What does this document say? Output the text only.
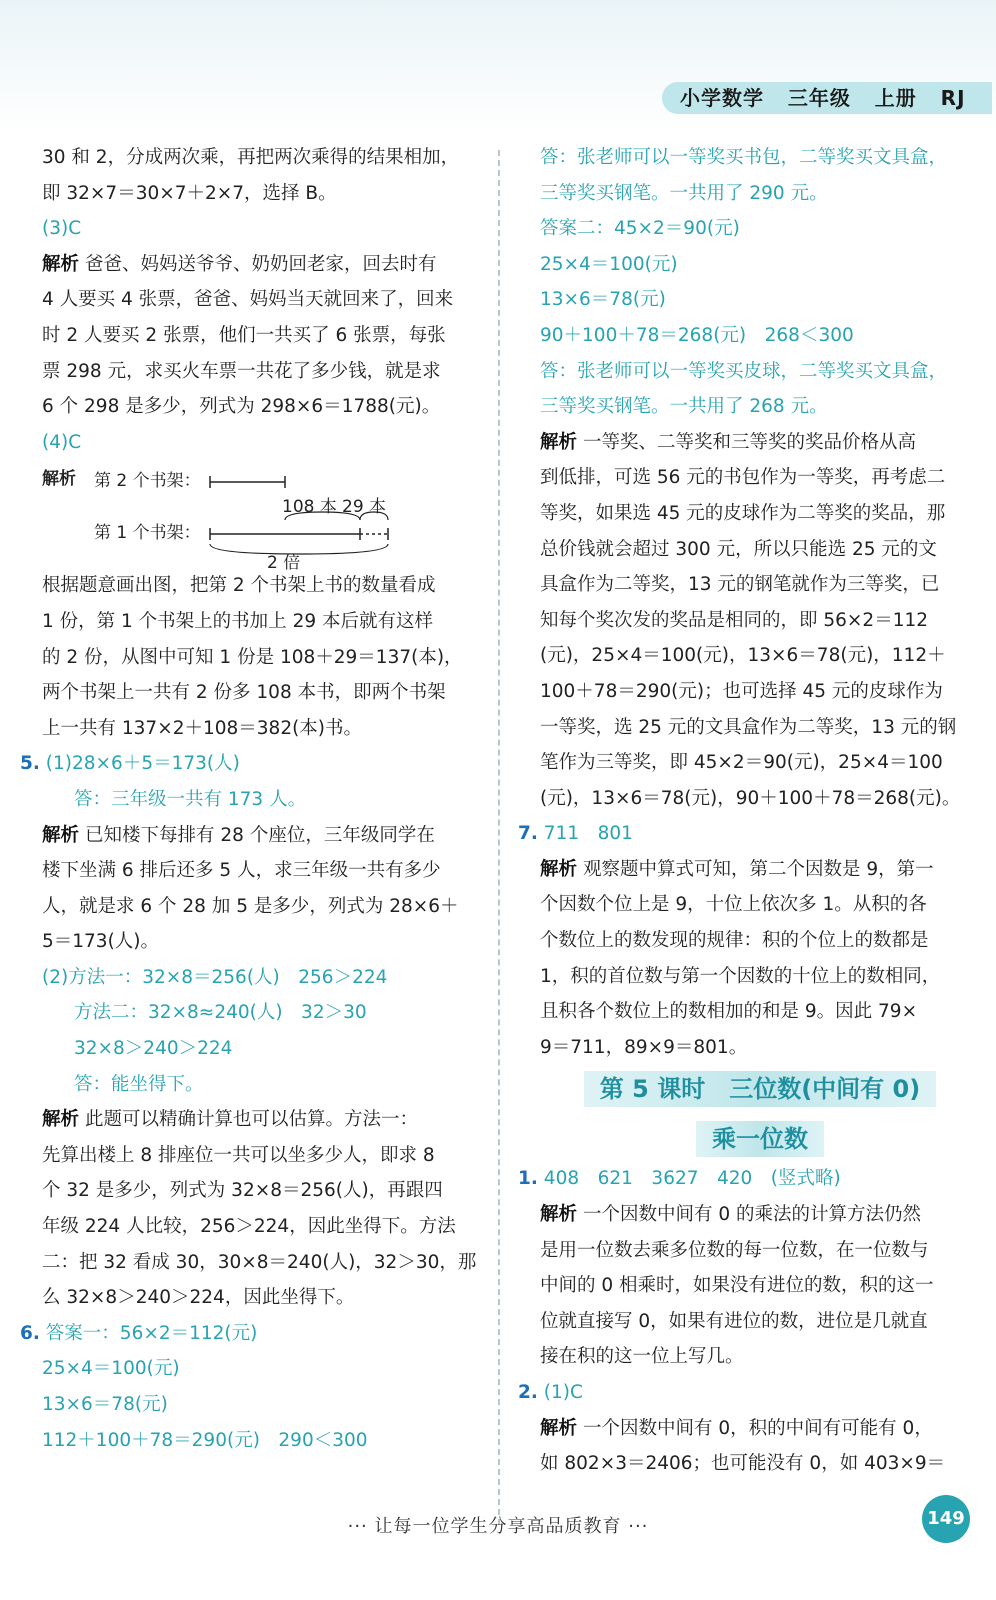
小学数学 三年级 上册 RJ
30 和 2，分成两次乘，再把两次乘得的结果相加，
即 32×7＝30×7＋2×7，选择 B。
(3)C
解析 爸爸、妈妈送爷爷、奶奶回老家，回去时有
4 人要买 4 张票，爸爸、妈妈当天就回来了，回来
时 2 人要买 2 张票，他们一共买了 6 张票，每张
票 298 元，求买火车票一共花了多少钱，就是求
6 个 298 是多少，列式为 298×6＝1788(元)。
(4)C
解析 第 2 个书架：
108 本 29 本
第 1 个书架：
2 倍
根据题意画出图，把第 2 个书架上书的数量看成
1 份，第 1 个书架上的书加上 29 本后就有这样
的 2 份，从图中可知 1 份是 108＋29＝137(本)，
两个书架上一共有 2 份多 108 本书，即两个书架
上一共有 137×2＋108＝382(本)书。
5. (1)28×6＋5＝173(人)
答：三年级一共有 173 人。
解析 已知楼下每排有 28 个座位，三年级同学在
楼下坐满 6 排后还多 5 人，求三年级一共有多少
人，就是求 6 个 28 加 5 是多少，列式为 28×6＋
5＝173(人)。
(2)方法一：32×8＝256(人)　256＞224
方法二：32×8≈240(人)　32＞30
32×8＞240＞224
答：能坐得下。
解析 此题可以精确计算也可以估算。方法一：
先算出楼上 8 排座位一共可以坐多少人，即求 8
个 32 是多少，列式为 32×8＝256(人)，再跟四
年级 224 人比较，256＞224，因此坐得下。方法
二：把 32 看成 30，30×8＝240(人)，32＞30，那
么 32×8＞240＞224，因此坐得下。
6. 答案一：56×2＝112(元)
25×4＝100(元)
13×6＝78(元)
112＋100＋78＝290(元)　290＜300
答：张老师可以一等奖买书包，二等奖买文具盒，
三等奖买钢笔。一共用了 290 元。
答案二：45×2＝90(元)
25×4＝100(元)
13×6＝78(元)
90＋100＋78＝268(元)　268＜300
答：张老师可以一等奖买皮球，二等奖买文具盒，
三等奖买钢笔。一共用了 268 元。
解析 一等奖、二等奖和三等奖的奖品价格从高
到低排，可选 56 元的书包作为一等奖，再考虑二
等奖，如果选 45 元的皮球作为二等奖的奖品，那
总价钱就会超过 300 元，所以只能选 25 元的文
具盒作为二等奖，13 元的钢笔就作为三等奖，已
知每个奖次发的奖品是相同的，即 56×2＝112
(元)，25×4＝100(元)，13×6＝78(元)，112＋
100＋78＝290(元)；也可选择 45 元的皮球作为
一等奖，选 25 元的文具盒作为二等奖，13 元的钢
笔作为三等奖，即 45×2＝90(元)，25×4＝100
(元)，13×6＝78(元)，90＋100＋78＝268(元)。
7. 711　801
解析 观察题中算式可知，第二个因数是 9，第一
个因数个位上是 9，十位上依次多 1。从积的各
个数位上的数发现的规律：积的个位上的数都是
1，积的首位数与第一个因数的十位上的数相同，
且积各个数位上的数相加的和是 9。因此 79×
9＝711，89×9＝801。
第 5 课时　三位数(中间有 0)
乘一位数
1. 408　621　3627　420　(竖式略)
解析 一个因数中间有 0 的乘法的计算方法仍然
是用一位数去乘多位数的每一位数，在一位数与
中间的 0 相乘时，如果没有进位的数，积的这一
位就直接写 0，如果有进位的数，进位是几就直
接在积的这一位上写几。
2. (1)C
解析 一个因数中间有 0，积的中间有可能有 0，
如 802×3＝2406；也可能没有 0，如 403×9＝
··· 让每一位学生分享高品质教育 ···	149
